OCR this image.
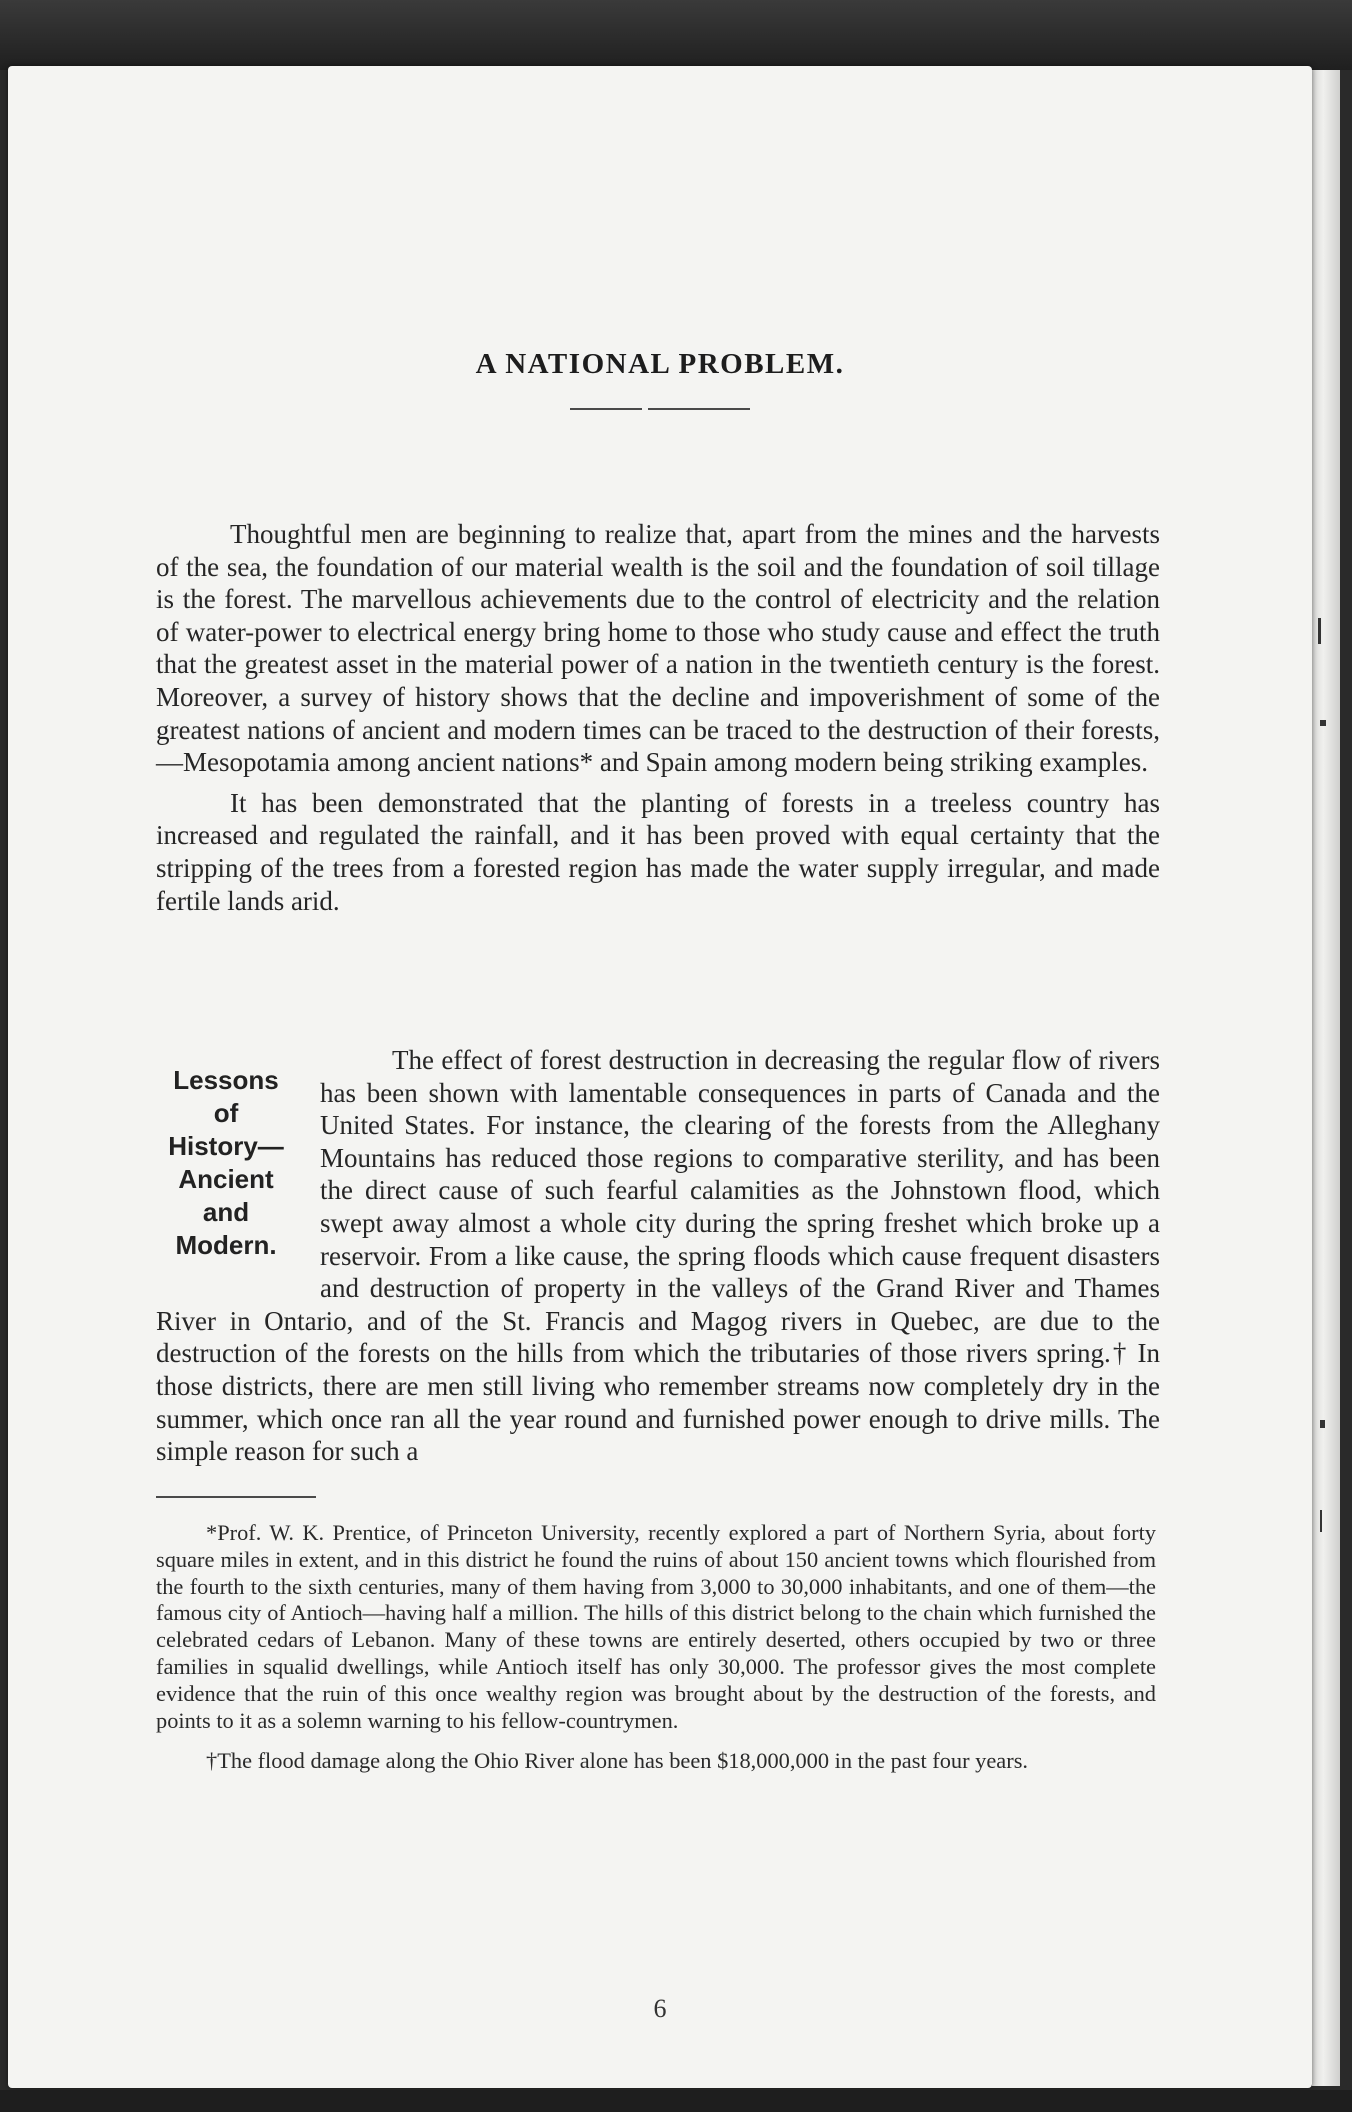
A NATIONAL PROBLEM.

Thoughtful men are beginning to realize that, apart from the mines and the harvests of the sea, the foundation of our material wealth is the soil and the foundation of soil tillage is the forest. The marvellous achievements due to the control of electricity and the relation of water-power to electrical energy bring home to those who study cause and effect the truth that the greatest asset in the material power of a nation in the twentieth century is the forest. Moreover, a survey of history shows that the decline and impoverishment of some of the greatest nations of ancient and modern times can be traced to the destruction of their forests,—Mesopotamia among ancient nations* and Spain among modern being striking examples.

It has been demonstrated that the planting of forests in a treeless country has increased and regulated the rainfall, and it has been proved with equal certainty that the stripping of the trees from a forested region has made the water supply irregular, and made fertile lands arid.

Lessons
of
History—
Ancient
and
Modern.

The effect of forest destruction in decreasing the regular flow of rivers has been shown with lamentable consequences in parts of Canada and the United States. For instance, the clearing of the forests from the Alleghany Mountains has reduced those regions to comparative sterility, and has been the direct cause of such fearful calamities as the Johnstown flood, which swept away almost a whole city during the spring freshet which broke up a reservoir. From a like cause, the spring floods which cause frequent disasters and destruction of property in the valleys of the Grand River and Thames River in Ontario, and of the St. Francis and Magog rivers in Quebec, are due to the destruction of the forests on the hills from which the tributaries of those rivers spring.† In those districts, there are men still living who remember streams now completely dry in the summer, which once ran all the year round and furnished power enough to drive mills. The simple reason for such a

*Prof. W. K. Prentice, of Princeton University, recently explored a part of Northern Syria, about forty square miles in extent, and in this district he found the ruins of about 150 ancient towns which flourished from the fourth to the sixth centuries, many of them having from 3,000 to 30,000 inhabitants, and one of them—the famous city of Antioch—having half a million. The hills of this district belong to the chain which furnished the celebrated cedars of Lebanon. Many of these towns are entirely deserted, others occupied by two or three families in squalid dwellings, while Antioch itself has only 30,000. The professor gives the most complete evidence that the ruin of this once wealthy region was brought about by the destruction of the forests, and points to it as a solemn warning to his fellow-countrymen.

†The flood damage along the Ohio River alone has been $18,000,000 in the past four years.

6
